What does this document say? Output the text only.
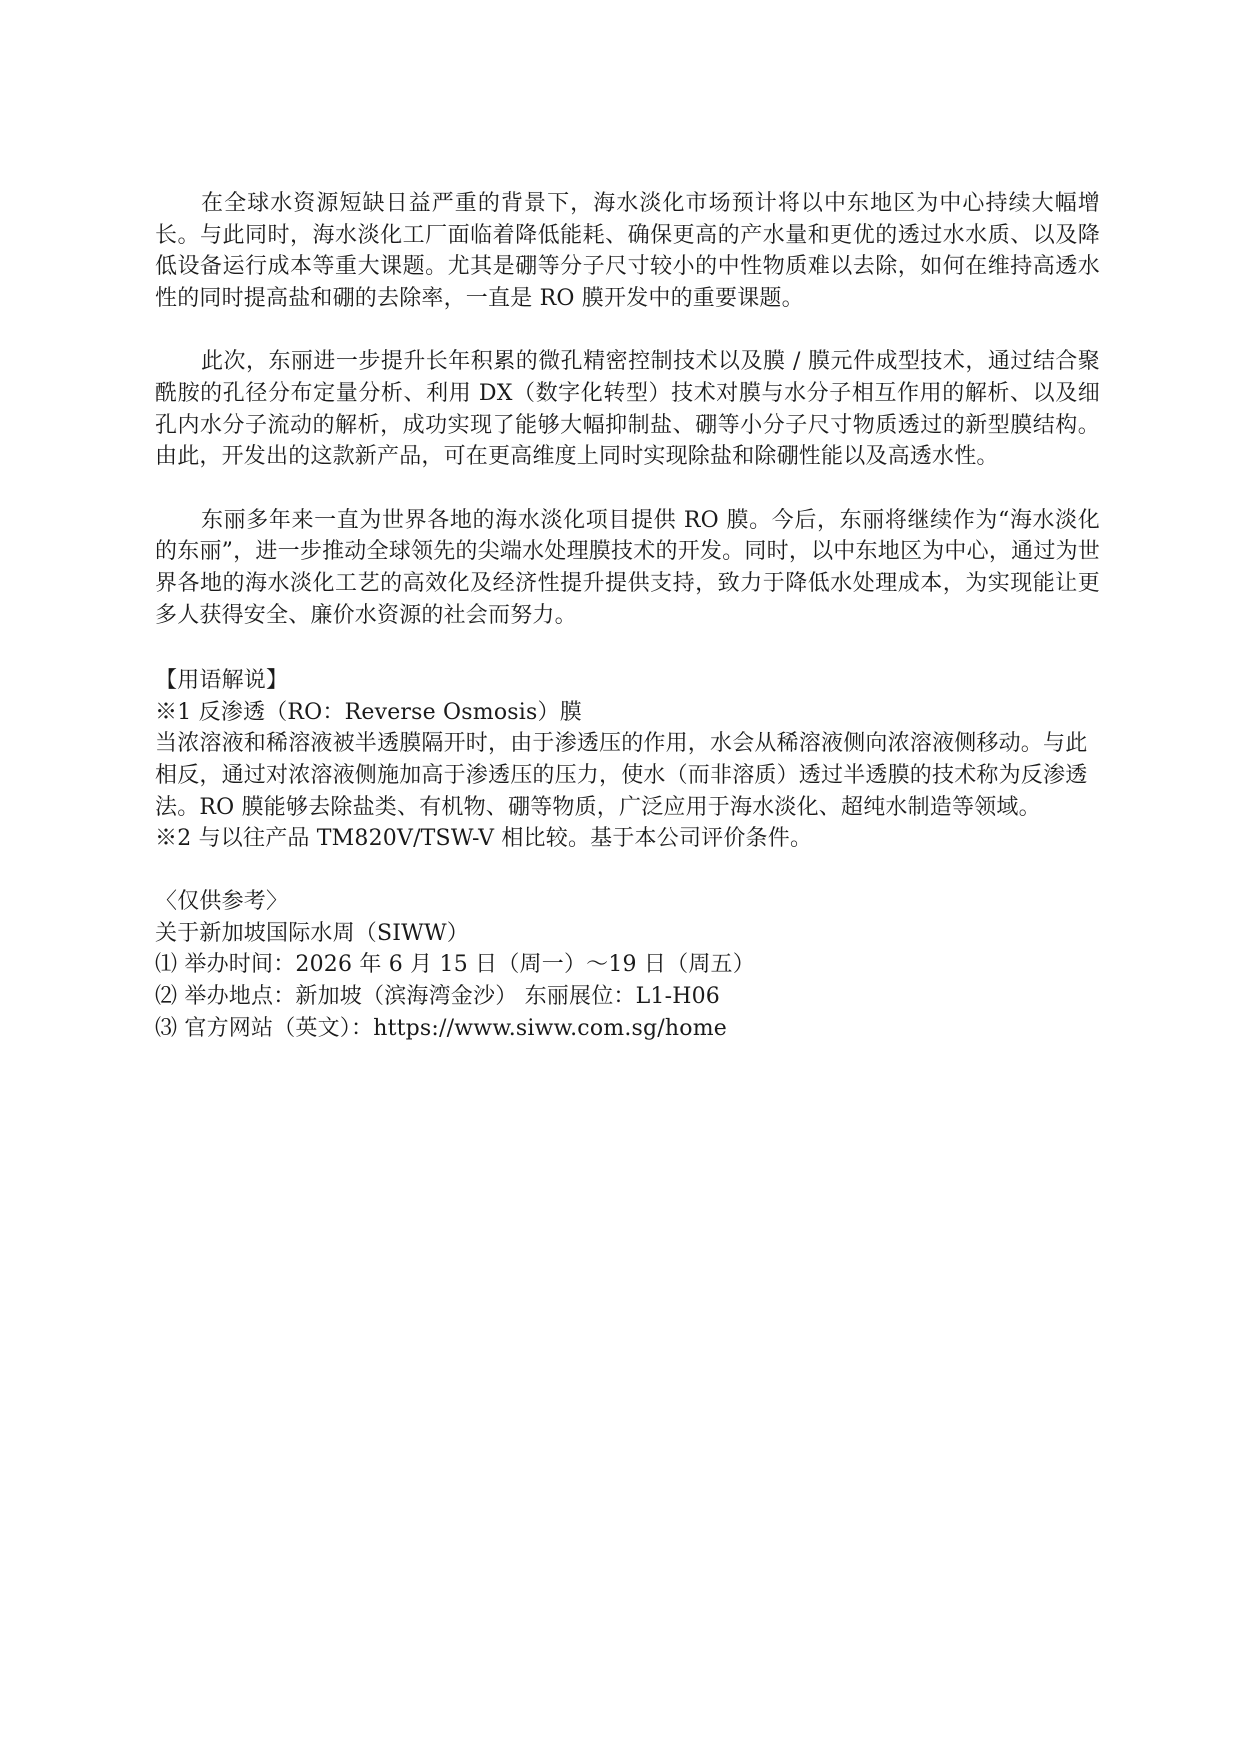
在全球水资源短缺日益严重的背景下，海水淡化市场预计将以中东地区为中心持续大幅增长。与此同时，海水淡化工厂面临着降低能耗、确保更高的产水量和更优的透过水水质、以及降低设备运行成本等重大课题。尤其是硼等分子尺寸较小的中性物质难以去除，如何在维持高透水性的同时提高盐和硼的去除率，一直是 RO 膜开发中的重要课题。

此次，东丽进一步提升长年积累的微孔精密控制技术以及膜 / 膜元件成型技术，通过结合聚酰胺的孔径分布定量分析、利用 DX（数字化转型）技术对膜与水分子相互作用的解析、以及细孔内水分子流动的解析，成功实现了能够大幅抑制盐、硼等小分子尺寸物质透过的新型膜结构。由此，开发出的这款新产品，可在更高维度上同时实现除盐和除硼性能以及高透水性。

东丽多年来一直为世界各地的海水淡化项目提供 RO 膜。今后，东丽将继续作为“海水淡化的东丽”，进一步推动全球领先的尖端水处理膜技术的开发。同时，以中东地区为中心，通过为世界各地的海水淡化工艺的高效化及经济性提升提供支持，致力于降低水处理成本，为实现能让更多人获得安全、廉价水资源的社会而努力。

【用语解说】
※1 反渗透（RO：Reverse Osmosis）膜
当浓溶液和稀溶液被半透膜隔开时，由于渗透压的作用，水会从稀溶液侧向浓溶液侧移动。与此相反，通过对浓溶液侧施加高于渗透压的压力，使水（而非溶质）透过半透膜的技术称为反渗透法。RO 膜能够去除盐类、有机物、硼等物质，广泛应用于海水淡化、超纯水制造等领域。
※2 与以往产品 TM820V/TSW-V 相比较。基于本公司评价条件。
〈仅供参考〉
关于新加坡国际水周（SIWW）
⑴ 举办时间：2026 年 6 月 15 日（周一）～19 日（周五）
⑵ 举办地点：新加坡（滨海湾金沙） 东丽展位：L1-H06
⑶ 官方网站（英文）：https://www.siww.com.sg/home
